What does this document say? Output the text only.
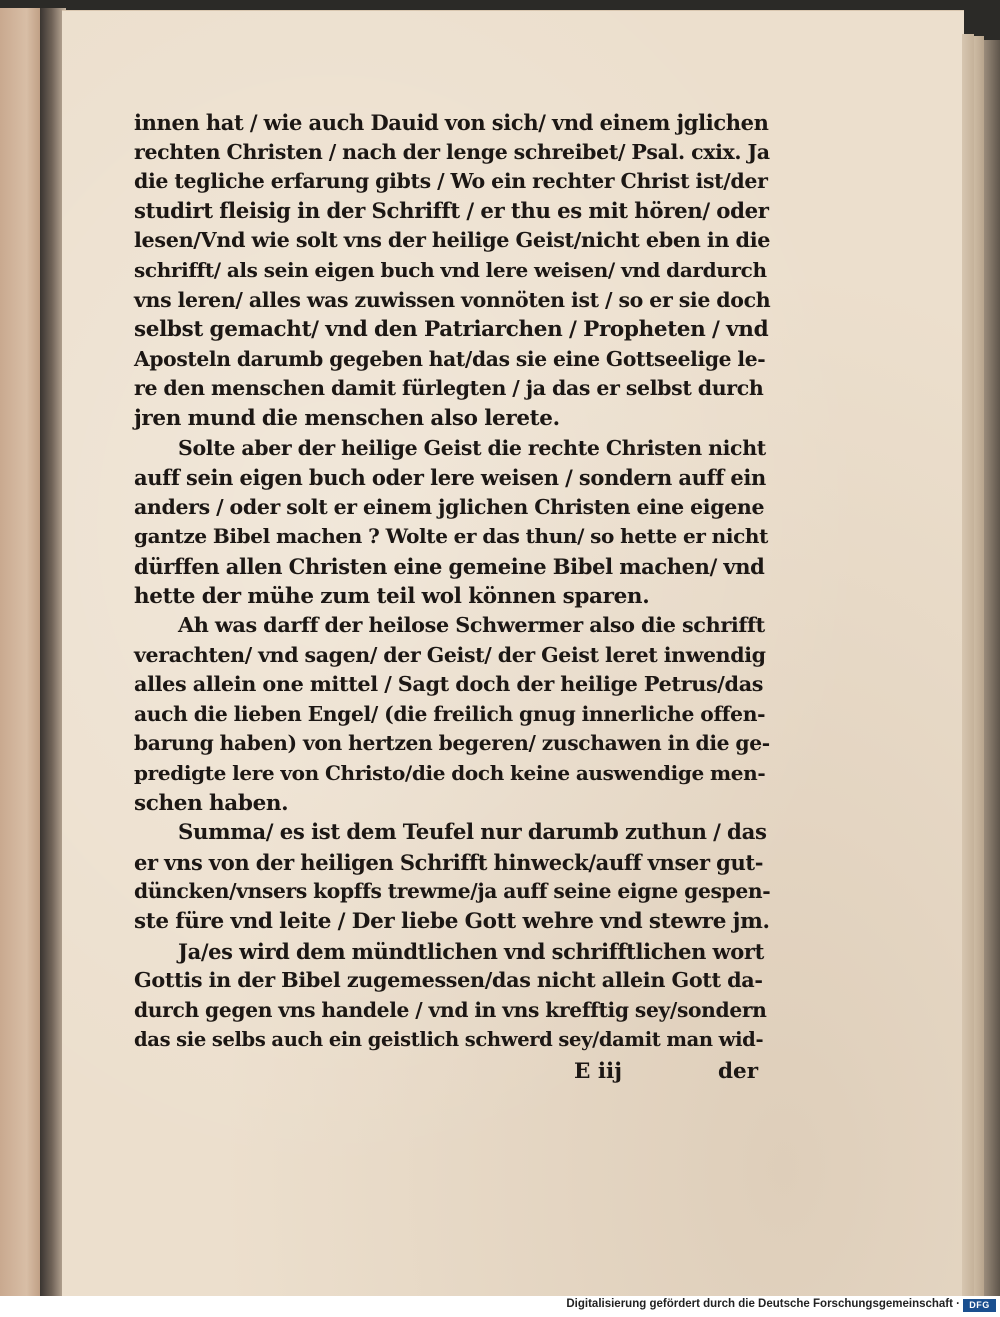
innen hat / wie auch Dauid von sich/ vnd einem jglichen
rechten Christen / nach der lenge schreibet/ Psal. cxix. Ja
die tegliche erfarung gibts / Wo ein rechter Christ ist/der
studirt fleisig in der Schrifft / er thu es mit hören/ oder
lesen/Vnd wie solt vns der heilige Geist/nicht eben in die
schrifft/ als sein eigen buch vnd lere weisen/ vnd dardurch
vns leren/ alles was zuwissen vonnöten ist / so er sie doch
selbst gemacht/ vnd den Patriarchen / Propheten / vnd
Aposteln darumb gegeben hat/das sie eine Gottseelige le-
re den menschen damit fürlegten / ja das er selbst durch
jren mund die menschen also lerete.
Solte aber der heilige Geist die rechte Christen nicht
auff sein eigen buch oder lere weisen / sondern auff ein
anders / oder solt er einem jglichen Christen eine eigene
gantze Bibel machen ? Wolte er das thun/ so hette er nicht
dürffen allen Christen eine gemeine Bibel machen/ vnd
hette der mühe zum teil wol können sparen.
Ah was darff der heilose Schwermer also die schrifft
verachten/ vnd sagen/ der Geist/ der Geist leret inwendig
alles allein one mittel / Sagt doch der heilige Petrus/das
auch die lieben Engel/ (die freilich gnug innerliche offen-
barung haben) von hertzen begeren/ zuschawen in die ge-
predigte lere von Christo/die doch keine auswendige men-
schen haben.
Summa/ es ist dem Teufel nur darumb zuthun / das
er vns von der heiligen Schrifft hinweck/auff vnser gut-
düncken/vnsers kopffs trewme/ja auff seine eigne gespen-
ste füre vnd leite / Der liebe Gott wehre vnd stewre jm.
Ja/es wird dem mündtlichen vnd schrifftlichen wort
Gottis in der Bibel zugemessen/das nicht allein Gott da-
durch gegen vns handele / vnd in vns krefftig sey/sondern
das sie selbs auch ein geistlich schwerd sey/damit man wid-
E iij	der
Digitalisierung gefördert durch die Deutsche Forschungsgemeinschaft ·	DFG
